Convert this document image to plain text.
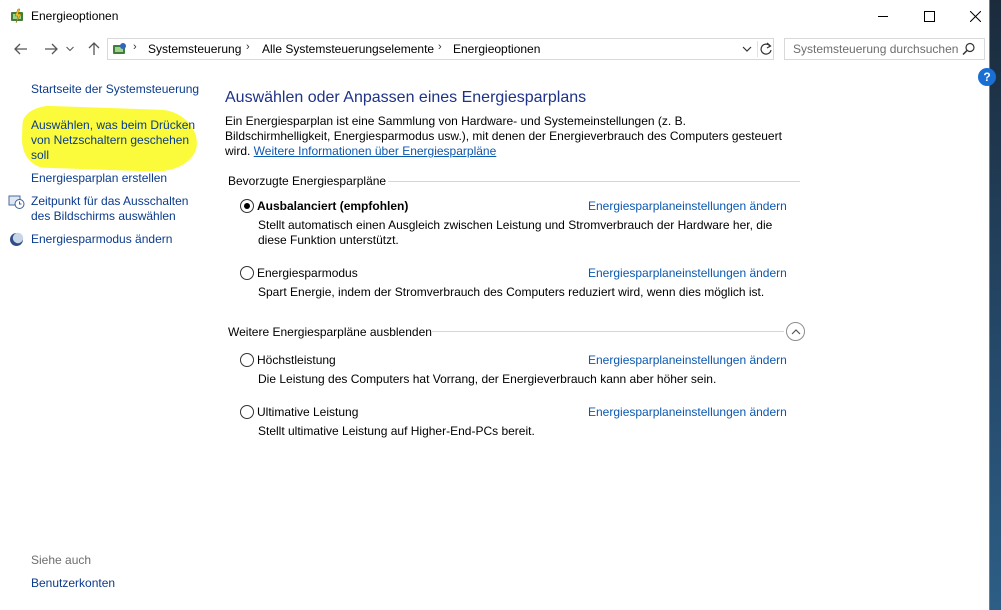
Energieoptionen
› Systemsteuerung › Alle Systemsteuerungselemente › Energieoptionen
Systemsteuerung durchsuchen
?
Startseite der Systemsteuerung
Auswählen, was beim Drücken von Netzschaltern geschehen soll
Energiesparplan erstellen
Zeitpunkt für das Ausschalten des Bildschirms auswählen
Energiesparmodus ändern
Siehe auch
Benutzerkonten
Auswählen oder Anpassen eines Energiesparplans
Ein Energiesparplan ist eine Sammlung von Hardware- und Systemeinstellungen (z. B. Bildschirmhelligkeit, Energiesparmodus usw.), mit denen der Energieverbrauch des Computers gesteuert wird. Weitere Informationen über Energiesparpläne
Bevorzugte Energiesparpläne
Ausbalanciert (empfohlen)	Energiesparplaneinstellungen ändern
Stellt automatisch einen Ausgleich zwischen Leistung und Stromverbrauch der Hardware her, die diese Funktion unterstützt.
Energiesparmodus	Energiesparplaneinstellungen ändern
Spart Energie, indem der Stromverbrauch des Computers reduziert wird, wenn dies möglich ist.
Weitere Energiesparpläne ausblenden
Höchstleistung	Energiesparplaneinstellungen ändern
Die Leistung des Computers hat Vorrang, der Energieverbrauch kann aber höher sein.
Ultimative Leistung	Energiesparplaneinstellungen ändern
Stellt ultimative Leistung auf Higher-End-PCs bereit.
